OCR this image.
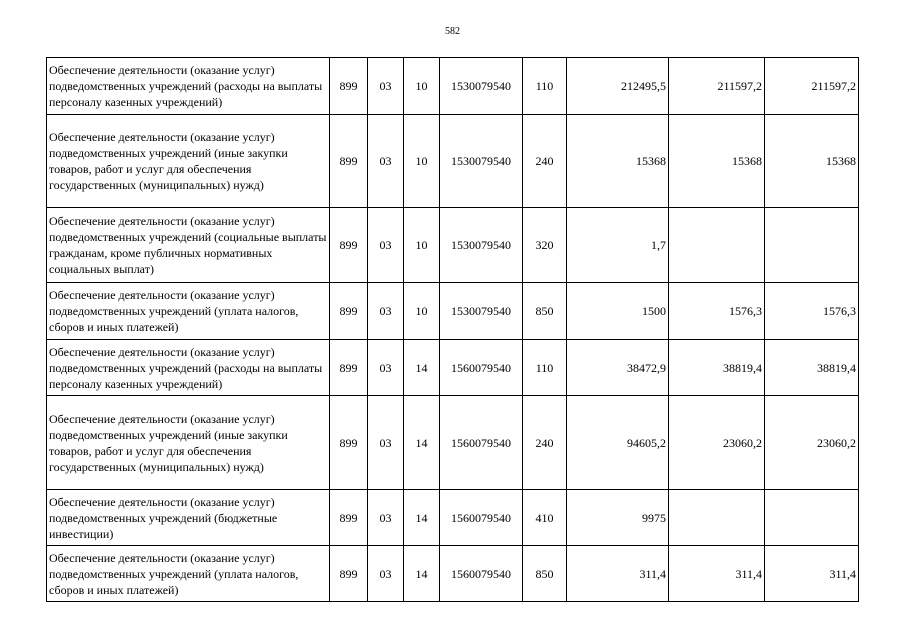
582
Обеспечение деятельности (оказание услуг) подведомственных учреждений (расходы на выплаты персоналу казенных учреждений)	899	03	10	1530079540	110	212495,5	211597,2	211597,2
Обеспечение деятельности (оказание услуг) подведомственных учреждений (иные закупки товаров, работ и услуг для обеспечения государственных (муниципальных) нужд)	899	03	10	1530079540	240	15368	15368	15368
Обеспечение деятельности (оказание услуг) подведомственных учреждений (социальные выплаты гражданам, кроме публичных нормативных социальных выплат)	899	03	10	1530079540	320	1,7		
Обеспечение деятельности (оказание услуг) подведомственных учреждений (уплата налогов, сборов и иных платежей)	899	03	10	1530079540	850	1500	1576,3	1576,3
Обеспечение деятельности (оказание услуг) подведомственных учреждений (расходы на выплаты персоналу казенных учреждений)	899	03	14	1560079540	110	38472,9	38819,4	38819,4
Обеспечение деятельности (оказание услуг) подведомственных учреждений (иные закупки товаров, работ и услуг для обеспечения государственных (муниципальных) нужд)	899	03	14	1560079540	240	94605,2	23060,2	23060,2
Обеспечение деятельности (оказание услуг) подведомственных учреждений (бюджетные инвестиции)	899	03	14	1560079540	410	9975		
Обеспечение деятельности (оказание услуг) подведомственных учреждений (уплата налогов, сборов и иных платежей)	899	03	14	1560079540	850	311,4	311,4	311,4
